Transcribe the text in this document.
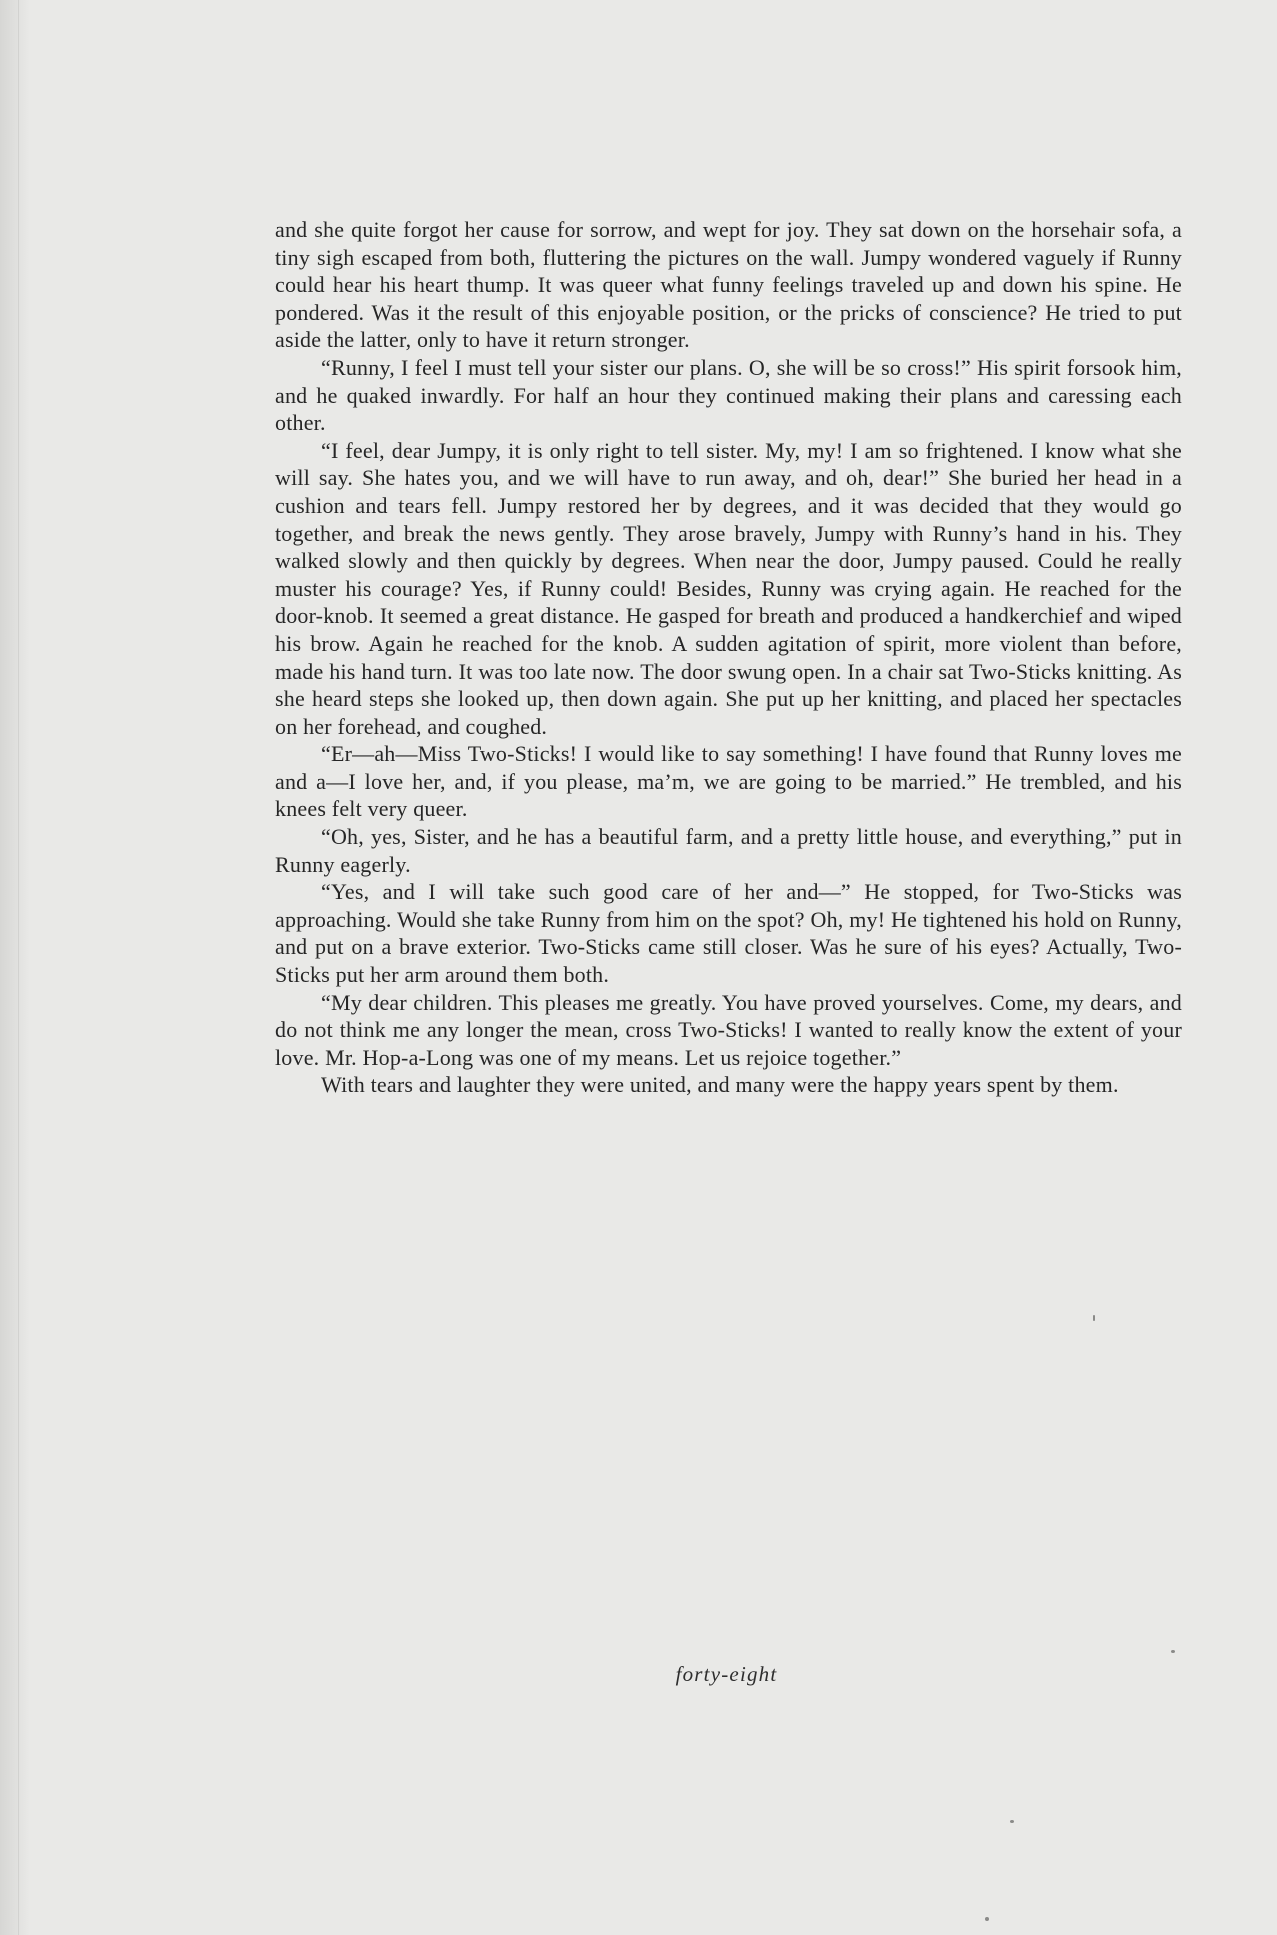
and she quite forgot her cause for sorrow, and wept for joy. They sat down on the horsehair sofa, a tiny sigh escaped from both, fluttering the pictures on the wall. Jumpy wondered vaguely if Runny could hear his heart thump. It was queer what funny feelings traveled up and down his spine. He pondered. Was it the result of this enjoyable position, or the pricks of conscience? He tried to put aside the latter, only to have it return stronger.

“Runny, I feel I must tell your sister our plans. O, she will be so cross!” His spirit forsook him, and he quaked inwardly. For half an hour they continued making their plans and caressing each other.

“I feel, dear Jumpy, it is only right to tell sister. My, my! I am so frightened. I know what she will say. She hates you, and we will have to run away, and oh, dear!” She buried her head in a cushion and tears fell. Jumpy restored her by degrees, and it was decided that they would go together, and break the news gently. They arose bravely, Jumpy with Runny’s hand in his. They walked slowly and then quickly by degrees. When near the door, Jumpy paused. Could he really muster his courage? Yes, if Runny could! Besides, Runny was crying again. He reached for the door-knob. It seemed a great distance. He gasped for breath and produced a handkerchief and wiped his brow. Again he reached for the knob. A sudden agitation of spirit, more violent than before, made his hand turn. It was too late now. The door swung open. In a chair sat Two-Sticks knitting. As she heard steps she looked up, then down again. She put up her knitting, and placed her spectacles on her forehead, and coughed.

“Er—ah—Miss Two-Sticks! I would like to say something! I have found that Runny loves me and a—I love her, and, if you please, ma’m, we are going to be married.” He trembled, and his knees felt very queer.

“Oh, yes, Sister, and he has a beautiful farm, and a pretty little house, and everything,” put in Runny eagerly.

“Yes, and I will take such good care of her and—” He stopped, for Two-Sticks was approaching. Would she take Runny from him on the spot? Oh, my! He tightened his hold on Runny, and put on a brave exterior. Two-Sticks came still closer. Was he sure of his eyes? Actually, Two-Sticks put her arm around them both.

“My dear children. This pleases me greatly. You have proved yourselves. Come, my dears, and do not think me any longer the mean, cross Two-Sticks! I wanted to really know the extent of your love. Mr. Hop-a-Long was one of my means. Let us rejoice together.”

With tears and laughter they were united, and many were the happy years spent by them.

forty-eight
